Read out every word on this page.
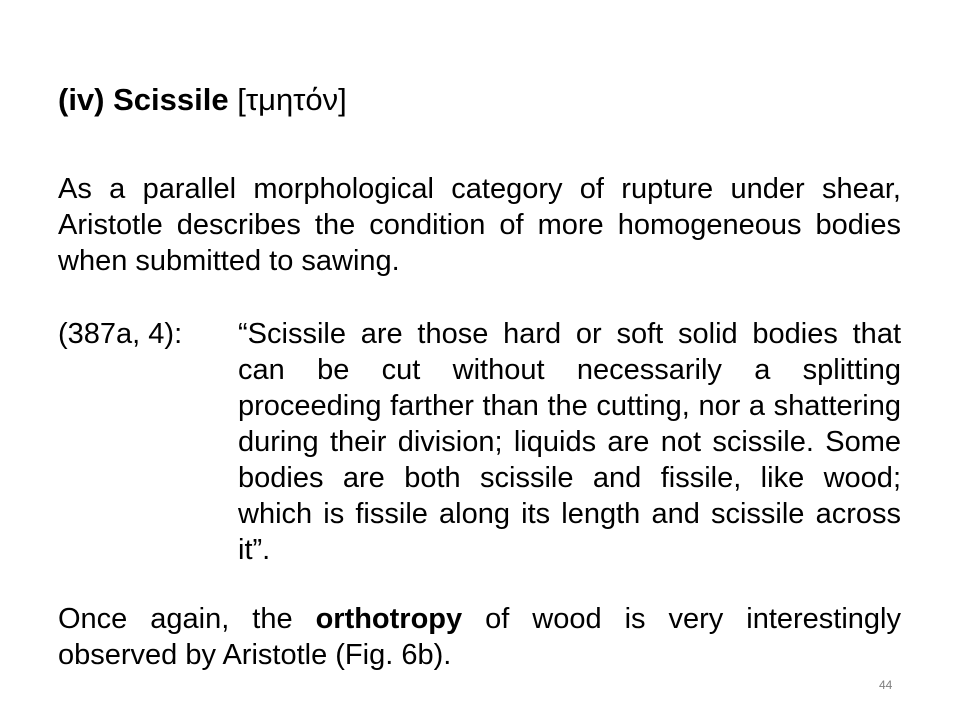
(iv) Scissile [τμητόν]
As a parallel morphological category of rupture under shear, Aristotle describes the condition of more homogeneous bodies when submitted to sawing.
(387a, 4): “Scissile are those hard or soft solid bodies that can be cut without necessarily a splitting proceeding farther than the cutting, nor a shattering during their division; liquids are not scissile. Some bodies are both scissile and fissile, like wood; which is fissile along its length and scissile across it”.
Once again, the orthotropy of wood is very interestingly observed by Aristotle (Fig. 6b).
44
